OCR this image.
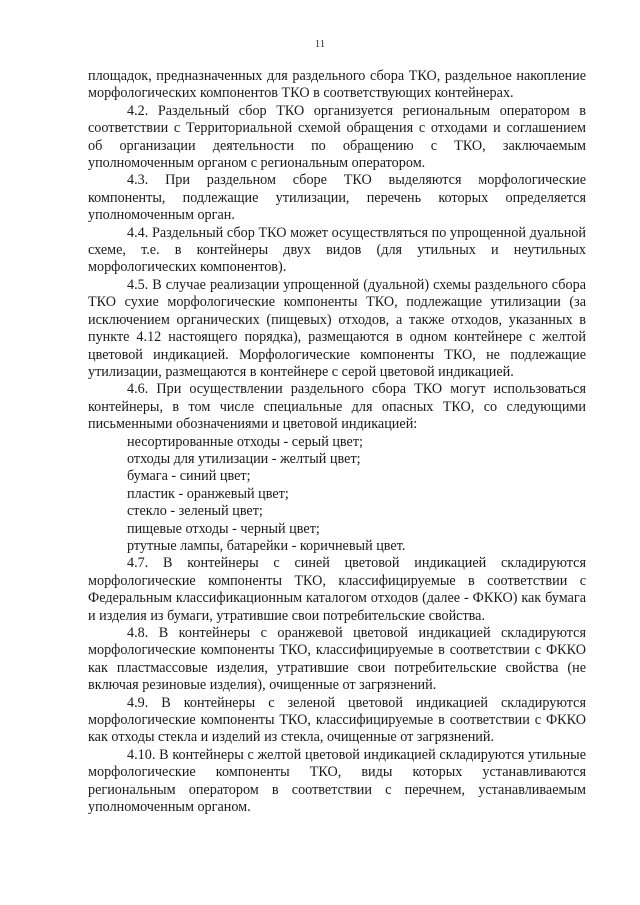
11

площадок, предназначенных для раздельного сбора ТКО, раздельное накопление морфологических компонентов ТКО в соответствующих контейнерах.

4.2. Раздельный сбор ТКО организуется региональным оператором в соответствии с Территориальной схемой обращения с отходами и соглашением об организации деятельности по обращению с ТКО, заключаемым уполномоченным органом с региональным оператором.

4.3. При раздельном сборе ТКО выделяются морфологические компоненты, подлежащие утилизации, перечень которых определяется уполномоченным орган.

4.4. Раздельный сбор ТКО может осуществляться по упрощенной дуальной схеме, т.е. в контейнеры двух видов (для утильных и неутильных морфологических компонентов).

4.5. В случае реализации упрощенной (дуальной) схемы раздельного сбора ТКО сухие морфологические компоненты ТКО, подлежащие утилизации (за исключением органических (пищевых) отходов, а также отходов, указанных в пункте 4.12 настоящего порядка), размещаются в одном контейнере с желтой цветовой индикацией. Морфологические компоненты ТКО, не подлежащие утилизации, размещаются в контейнере с серой цветовой индикацией.

4.6. При осуществлении раздельного сбора ТКО могут использоваться контейнеры, в том числе специальные для опасных ТКО, со следующими письменными обозначениями и цветовой индикацией:

несортированные отходы - серый цвет;

отходы для утилизации - желтый цвет;

бумага - синий цвет;

пластик - оранжевый цвет;

стекло - зеленый цвет;

пищевые отходы - черный цвет;

ртутные лампы, батарейки - коричневый цвет.

4.7. В контейнеры с синей цветовой индикацией складируются морфологические компоненты ТКО, классифицируемые в соответствии с Федеральным классификационным каталогом отходов (далее - ФККО) как бумага и изделия из бумаги, утратившие свои потребительские свойства.

4.8. В контейнеры с оранжевой цветовой индикацией складируются морфологические компоненты ТКО, классифицируемые в соответствии с ФККО как пластмассовые изделия, утратившие свои потребительские свойства (не включая резиновые изделия), очищенные от загрязнений.

4.9. В контейнеры с зеленой цветовой индикацией складируются морфологические компоненты ТКО, классифицируемые в соответствии с ФККО как отходы стекла и изделий из стекла, очищенные от загрязнений.

4.10. В контейнеры с желтой цветовой индикацией складируются утильные морфологические компоненты ТКО, виды которых устанавливаются региональным оператором в соответствии с перечнем, устанавливаемым уполномоченным органом.
